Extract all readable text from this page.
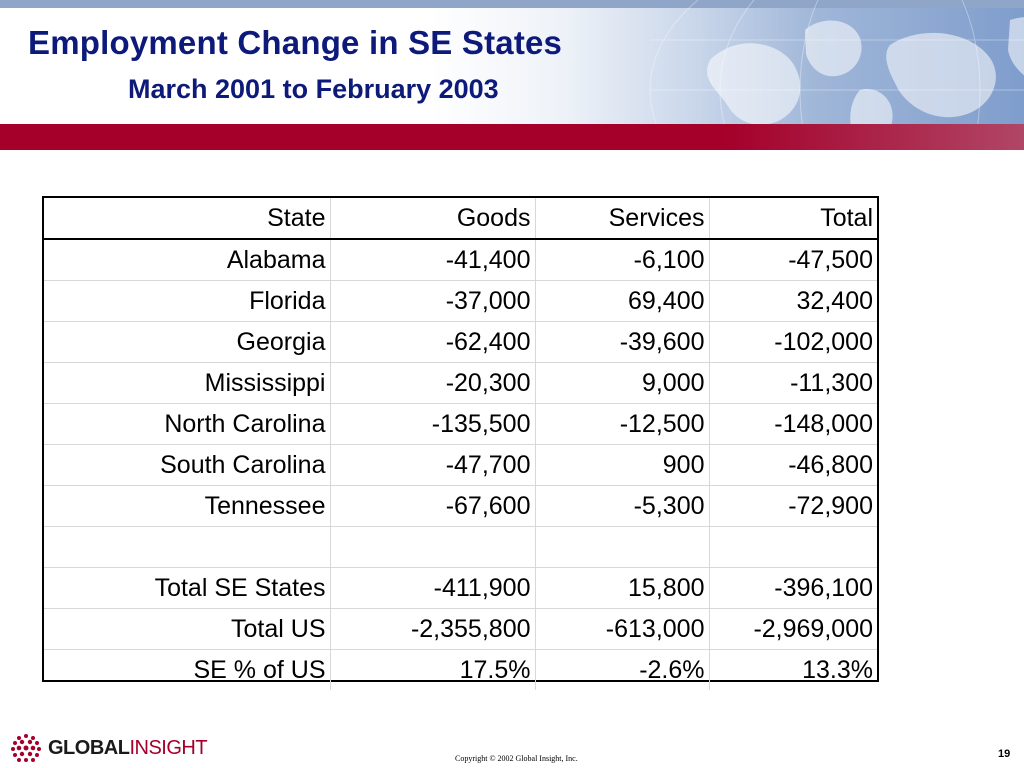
Employment Change in SE States
March 2001 to February 2003
State	Goods	Services	Total
Alabama	-41,400	-6,100	-47,500
Florida	-37,000	69,400	32,400
Georgia	-62,400	-39,600	-102,000
Mississippi	-20,300	9,000	-11,300
North Carolina	-135,500	-12,500	-148,000
South Carolina	-47,700	900	-46,800
Tennessee	-67,600	-5,300	-72,900

Total SE States	-411,900	15,800	-396,100
Total US	-2,355,800	-613,000	-2,969,000
SE % of US	17.5%	-2.6%	13.3%
GLOBAL INSIGHT	Copyright © 2002 Global Insight, Inc.	19
